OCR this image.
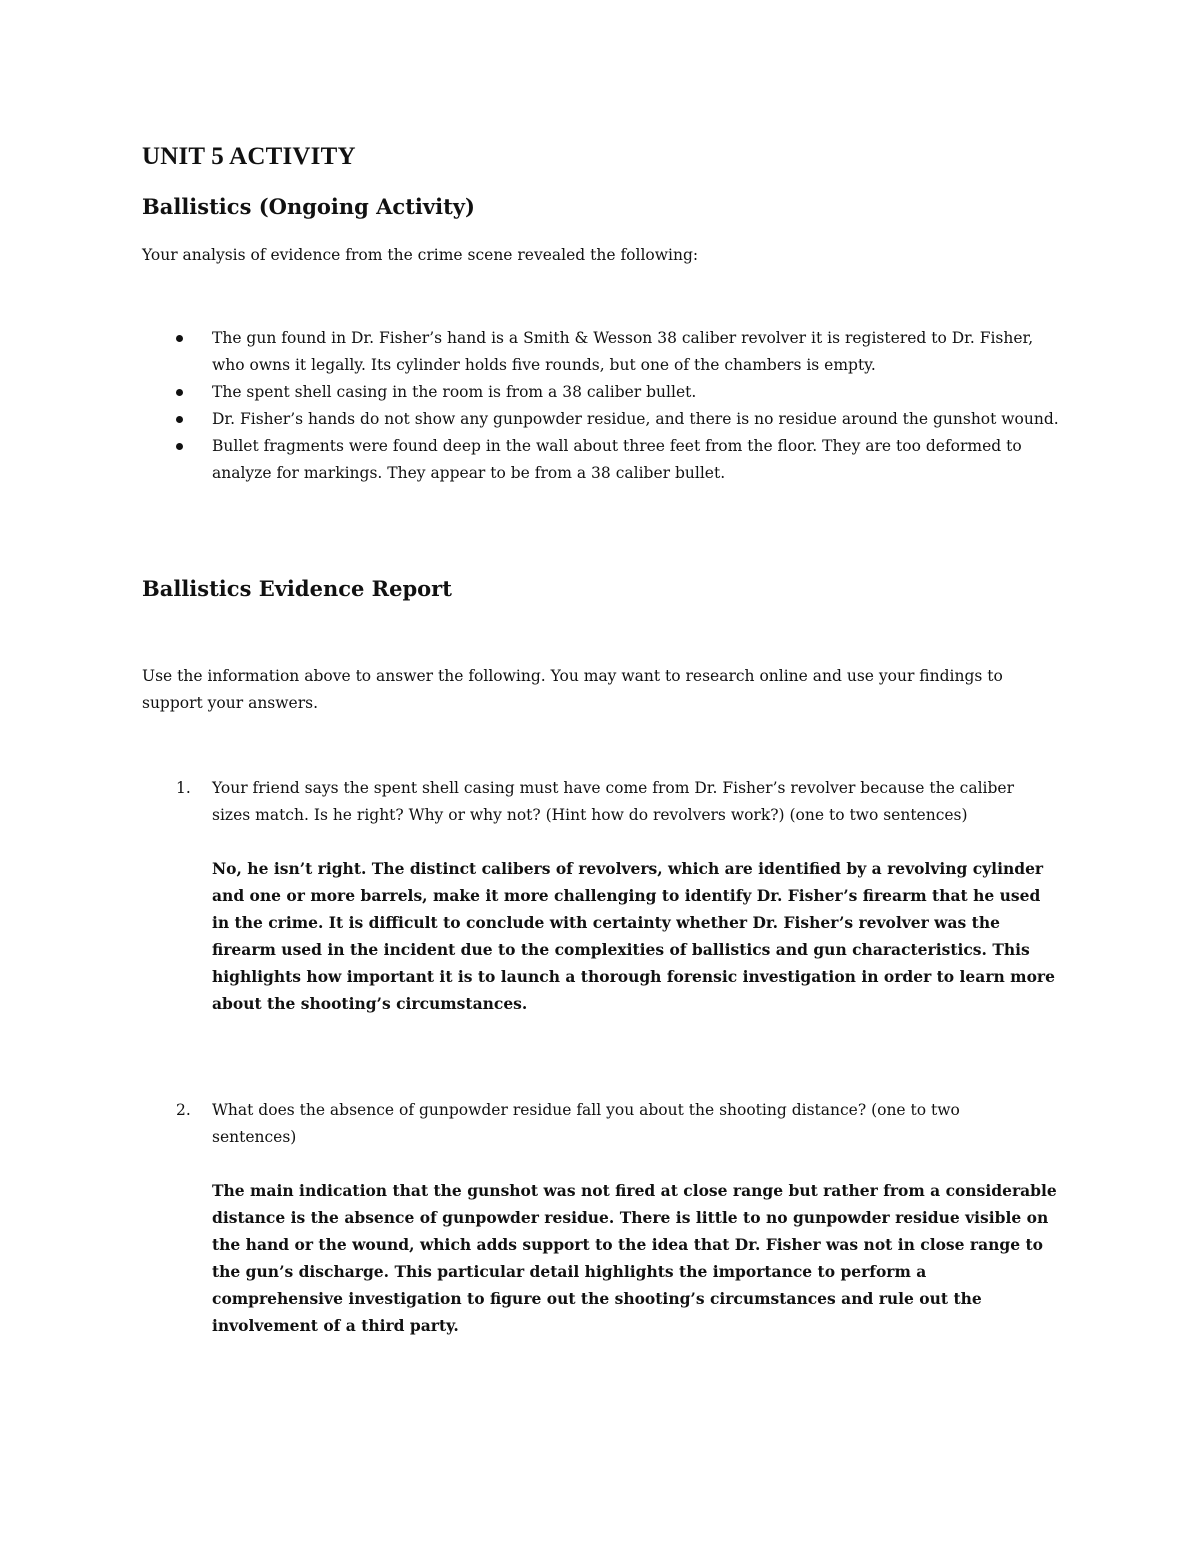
UNIT 5 ACTIVITY
Ballistics (Ongoing Activity)

Your analysis of evidence from the crime scene revealed the following:

The gun found in Dr. Fisher’s hand is a Smith & Wesson 38 caliber revolver it is registered to Dr. Fisher, who owns it legally. Its cylinder holds five rounds, but one of the chambers is empty.
The spent shell casing in the room is from a 38 caliber bullet.
Dr. Fisher’s hands do not show any gunpowder residue, and there is no residue around the gunshot wound.
Bullet fragments were found deep in the wall about three feet from the floor. They are too deformed to analyze for markings. They appear to be from a 38 caliber bullet.
Ballistics Evidence Report

Use the information above to answer the following. You may want to research online and use your findings to support your answers.

1. Your friend says the spent shell casing must have come from Dr. Fisher’s revolver because the caliber sizes match. Is he right? Why or why not? (Hint how do revolvers work?) (one to two sentences)
No, he isn’t right. The distinct calibers of revolvers, which are identified by a revolving cylinder and one or more barrels, make it more challenging to identify Dr. Fisher’s firearm that he used in the crime. It is difficult to conclude with certainty whether Dr. Fisher’s revolver was the firearm used in the incident due to the complexities of ballistics and gun characteristics. This highlights how important it is to launch a thorough forensic investigation in order to learn more about the shooting’s circumstances.
2. What does the absence of gunpowder residue fall you about the shooting distance? (one to two sentences)
The main indication that the gunshot was not fired at close range but rather from a considerable distance is the absence of gunpowder residue. There is little to no gunpowder residue visible on the hand or the wound, which adds support to the idea that Dr. Fisher was not in close range to the gun’s discharge. This particular detail highlights the importance to perform a comprehensive investigation to figure out the shooting’s circumstances and rule out the involvement of a third party.
